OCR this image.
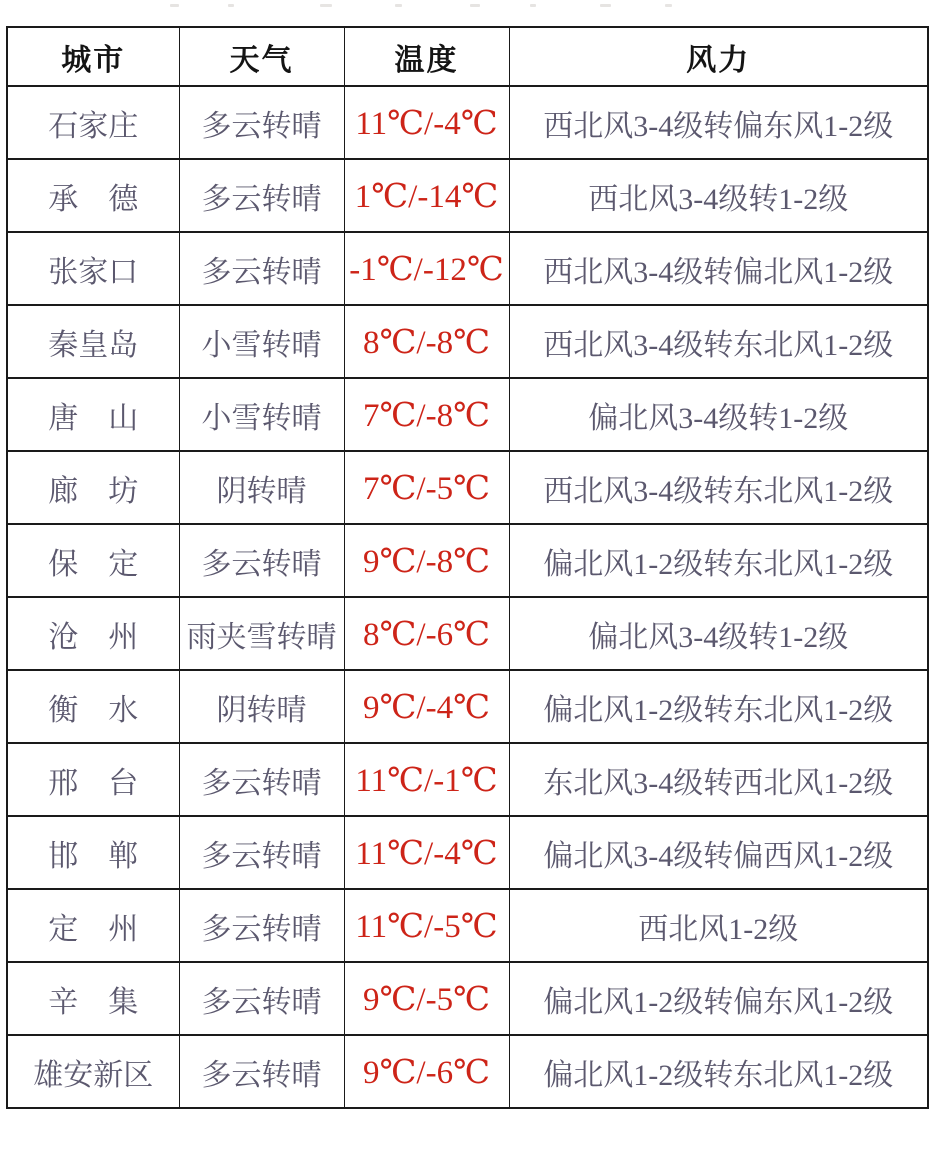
城市	天气	温度	风力
石家庄	多云转晴	11℃/-4℃	西北风3-4级转偏东风1-2级
承　德	多云转晴	1℃/-14℃	西北风3-4级转1-2级
张家口	多云转晴	-1℃/-12℃	西北风3-4级转偏北风1-2级
秦皇岛	小雪转晴	8℃/-8℃	西北风3-4级转东北风1-2级
唐　山	小雪转晴	7℃/-8℃	偏北风3-4级转1-2级
廊　坊	阴转晴	7℃/-5℃	西北风3-4级转东北风1-2级
保　定	多云转晴	9℃/-8℃	偏北风1-2级转东北风1-2级
沧　州	雨夹雪转晴	8℃/-6℃	偏北风3-4级转1-2级
衡　水	阴转晴	9℃/-4℃	偏北风1-2级转东北风1-2级
邢　台	多云转晴	11℃/-1℃	东北风3-4级转西北风1-2级
邯　郸	多云转晴	11℃/-4℃	偏北风3-4级转偏西风1-2级
定　州	多云转晴	11℃/-5℃	西北风1-2级
辛　集	多云转晴	9℃/-5℃	偏北风1-2级转偏东风1-2级
雄安新区	多云转晴	9℃/-6℃	偏北风1-2级转东北风1-2级
